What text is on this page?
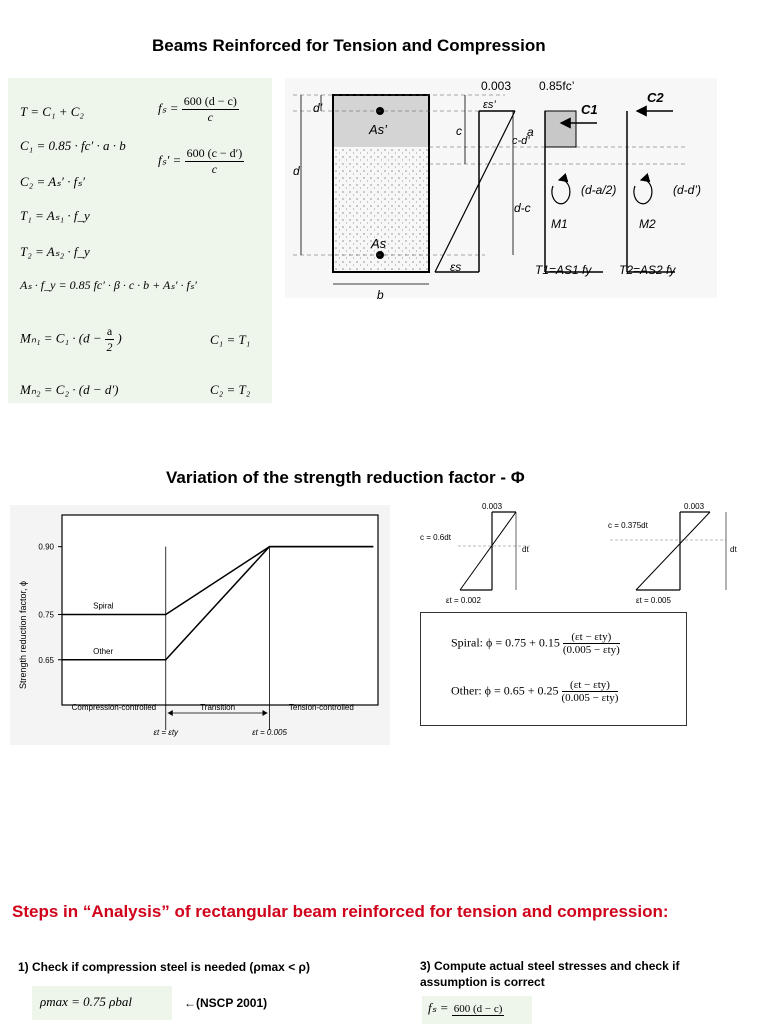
Beams Reinforced for Tension and Compression
T = C₁ + C₂
C₁ = 0.85 · fc′ · a · b
C₂ = Aₛ′ · fₛ′
T₁ = Aₛ₁ · f_y
T₂ = Aₛ₂ · f_y
Aₛ · f_y = 0.85 fc′ · β · c · b + Aₛ′ · fₛ′
$f_s = \frac{600 (d - c)}{c}$
$f_s' = \frac{600 (c - d')}{c}$
$M_{n1} = C_1 \cdot (d - \frac{a}{2}$ )	C₁ = T₁
Mₙ₂ = C₂ · (d − d′)	C₂ = T₂
d’
d
As’
As
b
c
0.003
εs’
εs
c-d’
d-c
0.85fc’
a
C1
(d-a/2)
M1
T1=AS1 fy
C2
(d-d’)
M2
T2=AS2 fy
Variation of the strength reduction factor - Φ
Strength reduction factor, ϕ 0.65
0.75
0.90
Spiral
Other
Compression-controlled	Transition	Tension-controlled
εt = εty	εt = 0.005
0.003
c = 0.6dt
dt
εt = 0.002
0.003
c = 0.375dt
dt
εt = 0.005
Spiral: $\phi = 0.75 + 0.15 \frac{\text{(εt − εty)}}{\text{(0.005 − εty)}}$
Other: $\phi = 0.65 + 0.25 \frac{\text{(εt − εty)}}{\text{(0.005 − εty)}}$
Steps in “Analysis” of rectangular beam reinforced for tension and compression:
1) Check if compression steel is needed (ρmax < ρ)
ρmax = 0.75 ρbal	←(NSCP 2001)
3) Compute actual steel stresses and check if assumption is correct
fₛ = 600 (d − c)
